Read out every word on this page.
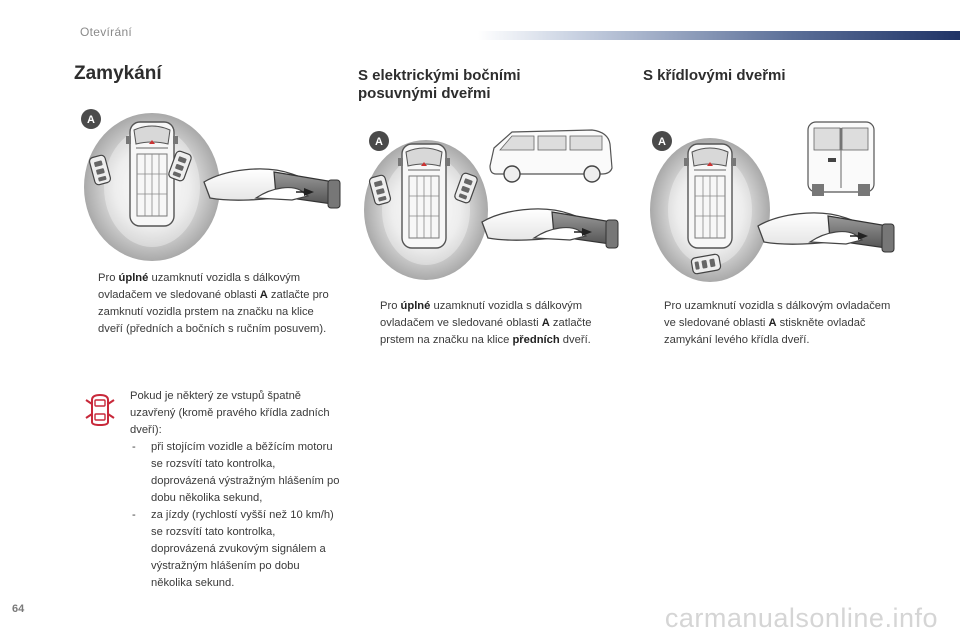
Otevírání
Zamykání	S elektrickými bočními posuvnými dveřmi
S křídlovými dveřmi
A
A	A
Pro úplné uzamknutí vozidla s dálkovým ovladačem ve sledované oblasti A zatlačte pro zamknutí vozidla prstem na značku na klice dveří (předních a bočních s ručním posuvem).
Pro úplné uzamknutí vozidla s dálkovým ovladačem ve sledované oblasti A zatlačte prstem na značku na klice předních dveří.
Pro uzamknutí vozidla s dálkovým ovladačem ve sledované oblasti A stiskněte ovladač zamykání levého křídla dveří.
Pokud je některý ze vstupů špatně uzavřený (kromě pravého křídla zadních dveří):
- při stojícím vozidle a běžícím motoru se rozsvítí tato kontrolka, doprovázená výstražným hlášením po dobu několika sekund,
- za jízdy (rychlostí vyšší než 10 km/h) se rozsvítí tato kontrolka, doprovázená zvukovým signálem a výstražným hlášením po dobu několika sekund.
64	carmanualsonline.info
